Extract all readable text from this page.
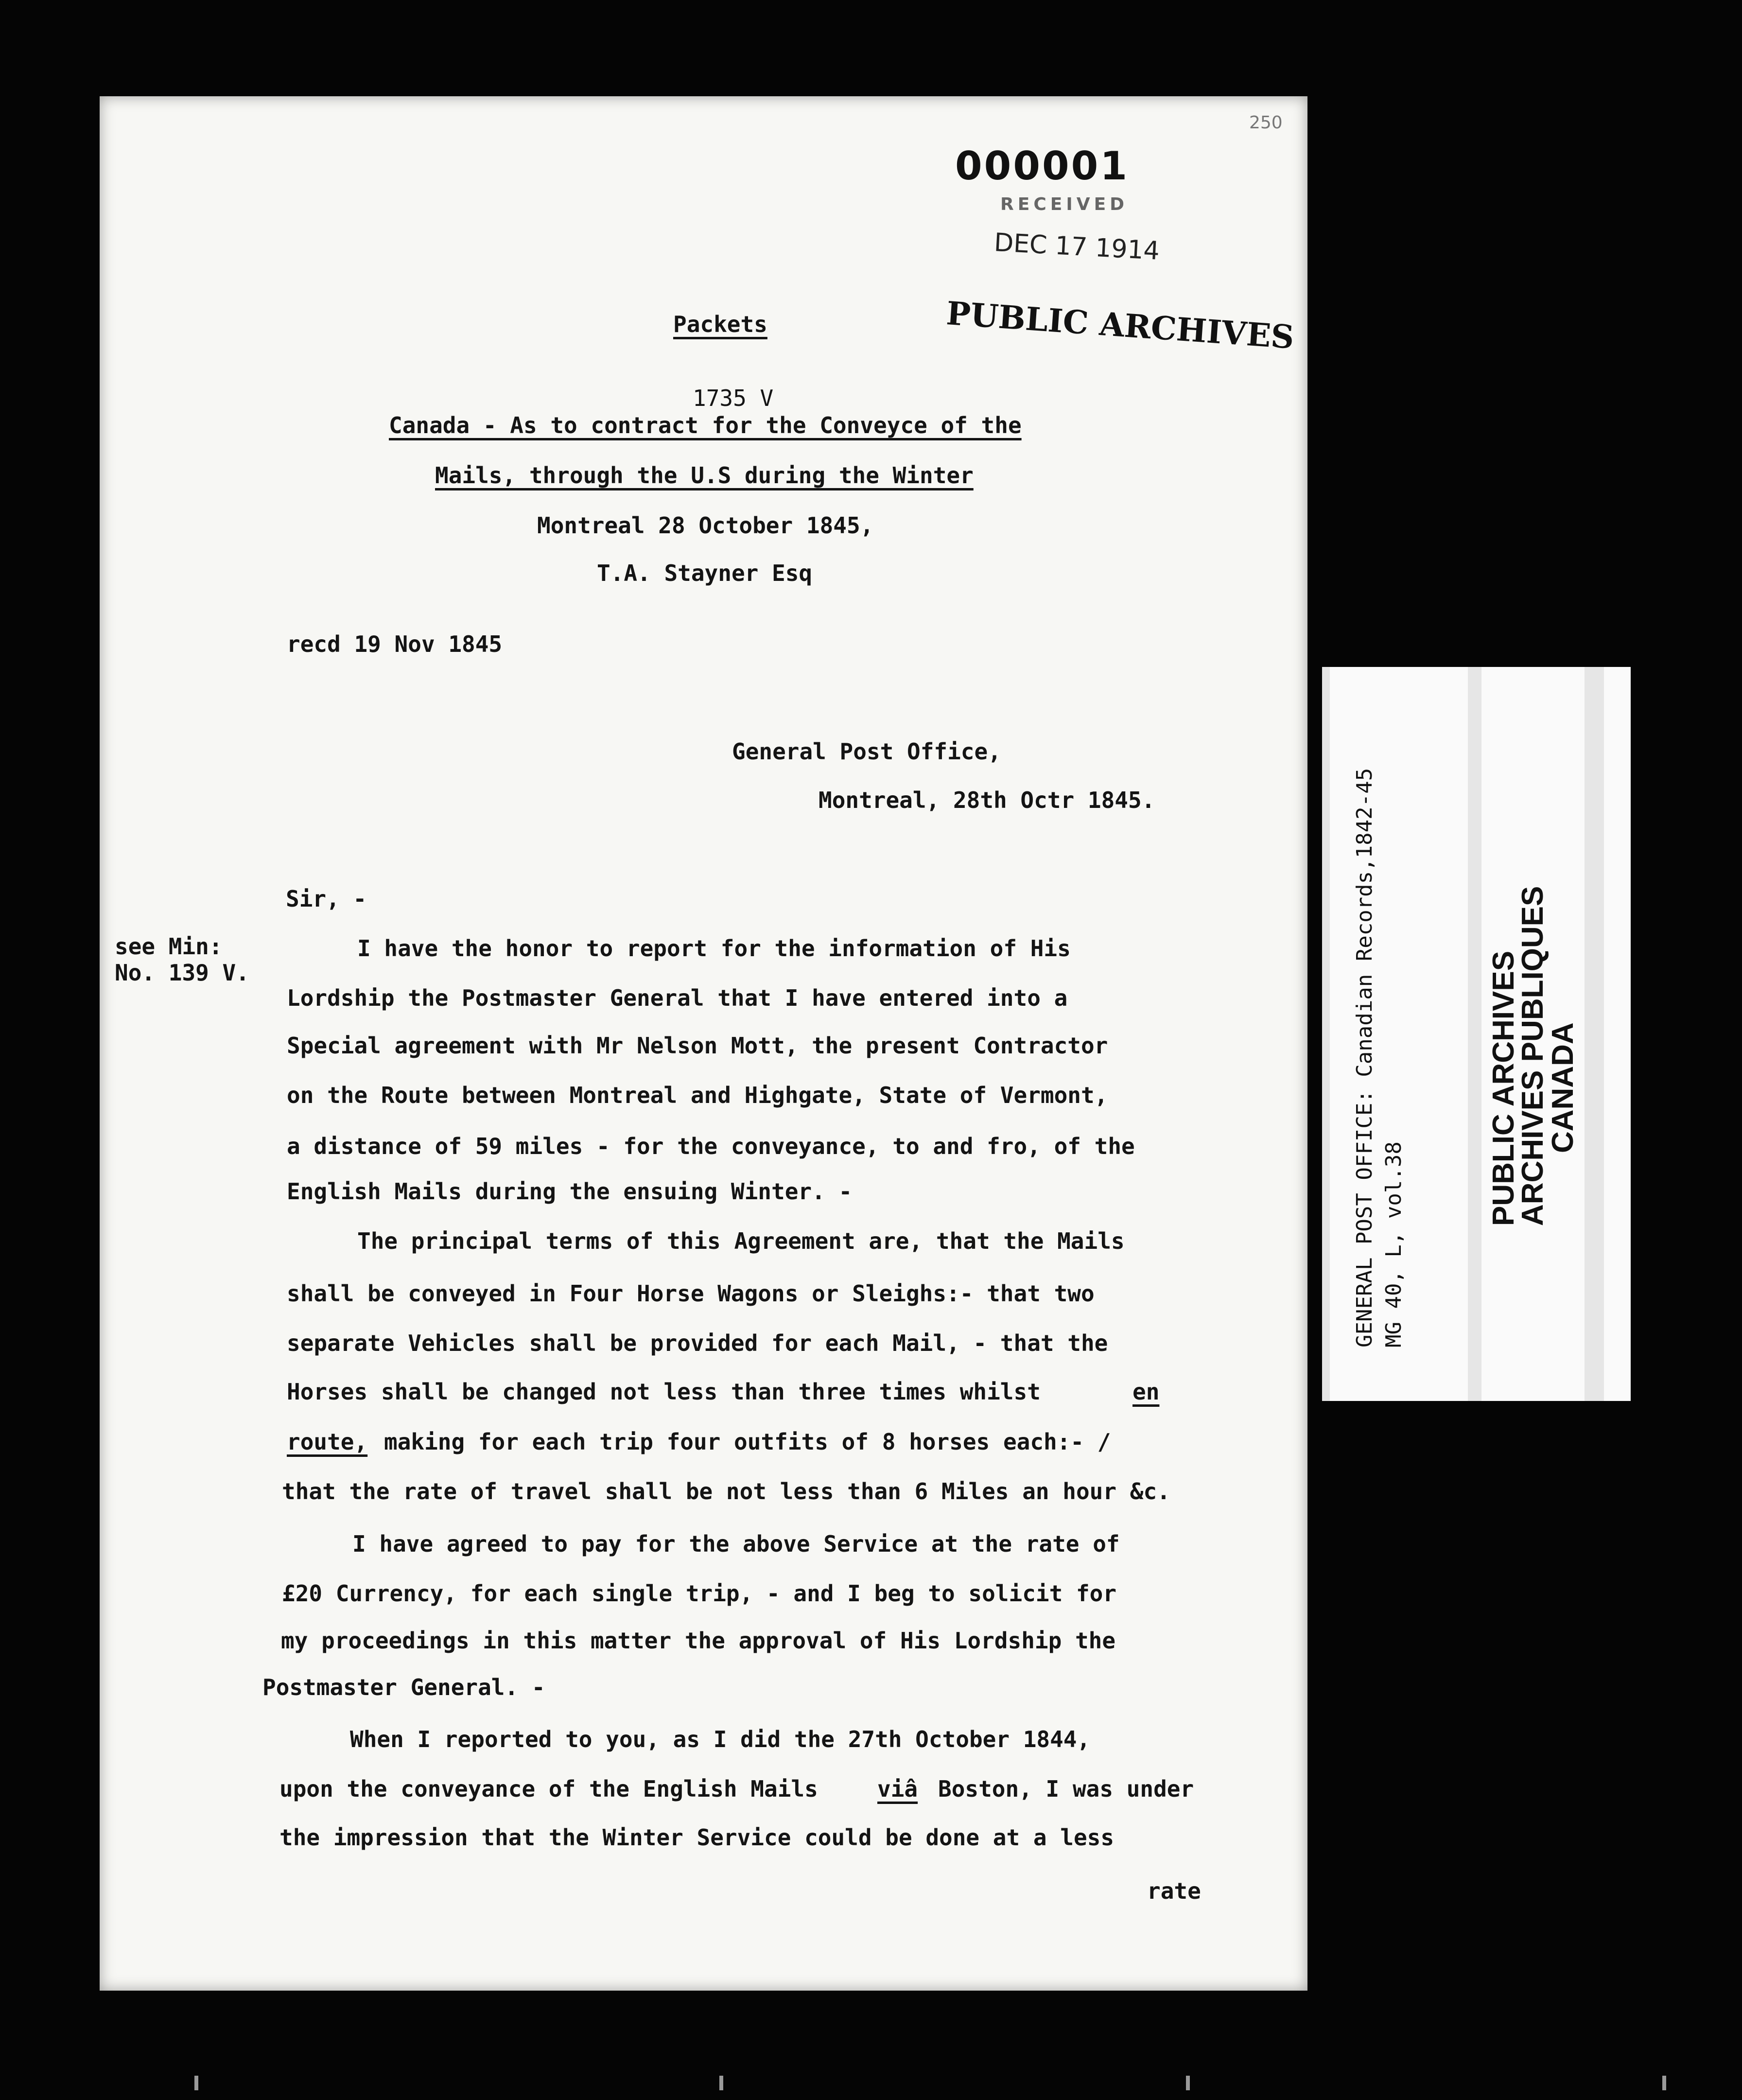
000001
RECEIVED
DEC 17 1914
PUBLIC ARCHIVES
250
Packets
1735 V
Canada - As to contract for the Conveyce of the
Mails, through the U.S during the Winter
Montreal 28 October 1845,
T.A. Stayner Esq
recd 19 Nov 1845
General Post Office,
Montreal, 28th Octr 1845.
see Min:
No. 139 V.
Sir, -
I have the honor to report for the information of His
Lordship the Postmaster General that I have entered into a
Special agreement with Mr Nelson Mott, the present Contractor
on the Route between Montreal and Highgate, State of Vermont,
a distance of 59 miles - for the conveyance, to and fro, of the
English Mails during the ensuing Winter. -
The principal terms of this Agreement are, that the Mails
shall be conveyed in Four Horse Wagons or Sleighs:- that two
separate Vehicles shall be provided for each Mail, - that the
Horses shall be changed not less than three times whilst	en
route, making for each trip four outfits of 8 horses each:- /
that the rate of travel shall be not less than 6 Miles an hour &c.
I have agreed to pay for the above Service at the rate of
£20 Currency, for each single trip, - and I beg to solicit for
my proceedings in this matter the approval of His Lordship the
Postmaster General. -
When I reported to you, as I did the 27th October 1844,
upon the conveyance of the English Mails	viâ Boston, I was under
the impression that the Winter Service could be done at a less
rate
GENERAL POST OFFICE: Canadian Records,1842-45 MG 40, L, vol.38
PUBLIC ARCHIVES
ARCHIVES PUBLIQUES
CANADA
